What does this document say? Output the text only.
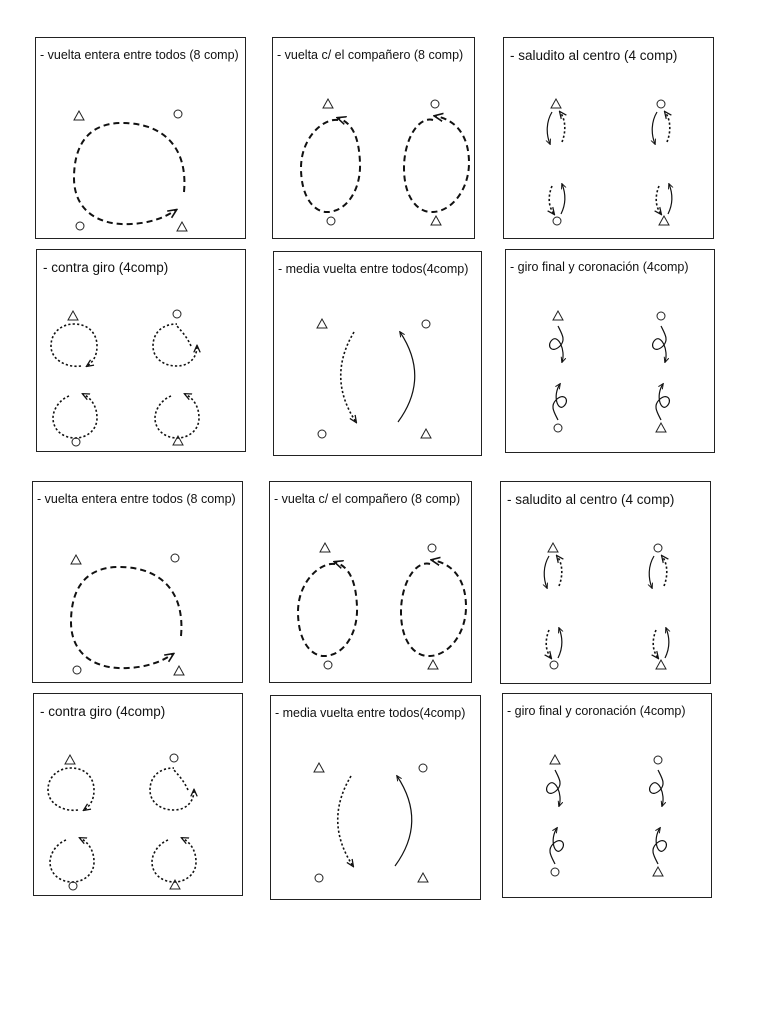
- vuelta entera entre todos (8 comp)	- vuelta c/ el compañero (8 comp)	- saludito al centro (4 comp)
- contra giro (4comp)	- media vuelta entre todos(4comp)	- giro final y coronación (4comp)
- vuelta entera entre todos (8 comp)	- vuelta c/ el compañero (8 comp)	- saludito al centro (4 comp)
- contra giro (4comp)	- media vuelta entre todos(4comp)	- giro final y coronación (4comp)
